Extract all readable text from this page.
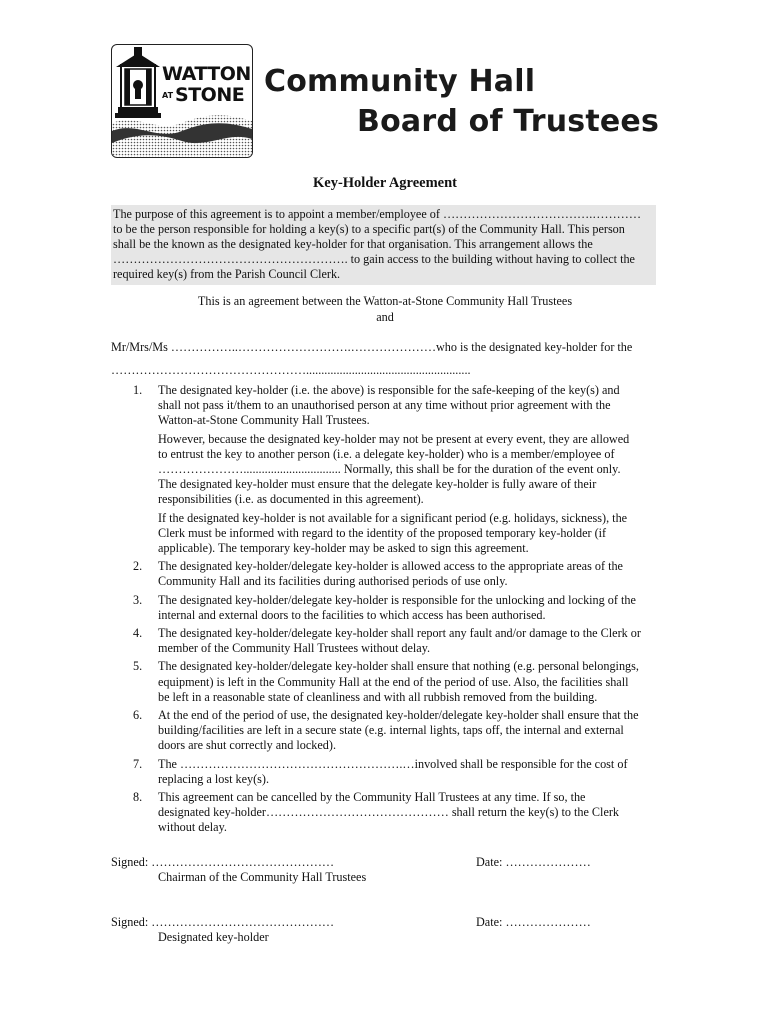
WATTON
AT STONE Community Hall
Board of Trustees
Key-Holder Agreement
The purpose of this agreement is to appoint a member/employee of ……………………………….…………
to be the person responsible for holding a key(s) to a specific part(s) of the Community Hall. This person
shall be the known as the designated key-holder for that organisation. This arrangement allows the
…………………………………………………. to gain access to the building without having to collect the
required key(s) from the Parish Council Clerk.
This is an agreement between the Watton-at-Stone Community Hall Trustees
and
Mr/Mrs/Ms ……………..……………………….…………………who is the designated key-holder for the
…………………………………………......................................................
1. The designated key-holder (i.e. the above) is responsible for the safe-keeping of the key(s) and
shall not pass it/them to an unauthorised person at any time without prior agreement with the
Watton-at-Stone Community Hall Trustees.
However, because the designated key-holder may not be present at every event, they are allowed
to entrust the key to another person (i.e. a delegate key-holder) who is a member/employee of
…………………................................ Normally, this shall be for the duration of the event only.
The designated key-holder must ensure that the delegate key-holder is fully aware of their
responsibilities (i.e. as documented in this agreement).
If the designated key-holder is not available for a significant period (e.g. holidays, sickness), the
Clerk must be informed with regard to the identity of the proposed temporary key-holder (if
applicable). The temporary key-holder may be asked to sign this agreement.
2. The designated key-holder/delegate key-holder is allowed access to the appropriate areas of the
Community Hall and its facilities during authorised periods of use only.
3. The designated key-holder/delegate key-holder is responsible for the unlocking and locking of the
internal and external doors to the facilities to which access has been authorised.
4. The designated key-holder/delegate key-holder shall report any fault and/or damage to the Clerk or
member of the Community Hall Trustees without delay.
5. The designated key-holder/delegate key-holder shall ensure that nothing (e.g. personal belongings,
equipment) is left in the Community Hall at the end of the period of use. Also, the facilities shall
be left in a reasonable state of cleanliness and with all rubbish removed from the building.
6. At the end of the period of use, the designated key-holder/delegate key-holder shall ensure that the
building/facilities are left in a secure state (e.g. internal lights, taps off, the internal and external
doors are shut correctly and locked).
7. The ……………………………………………….…involved shall be responsible for the cost of
replacing a lost key(s).
8. This agreement can be cancelled by the Community Hall Trustees at any time. If so, the
designated key-holder……………………………………… shall return the key(s) to the Clerk
without delay.
Signed: ………………………………………	Date: …………………
Chairman of the Community Hall Trustees
Signed: ………………………………………	Date: …………………
Designated key-holder
